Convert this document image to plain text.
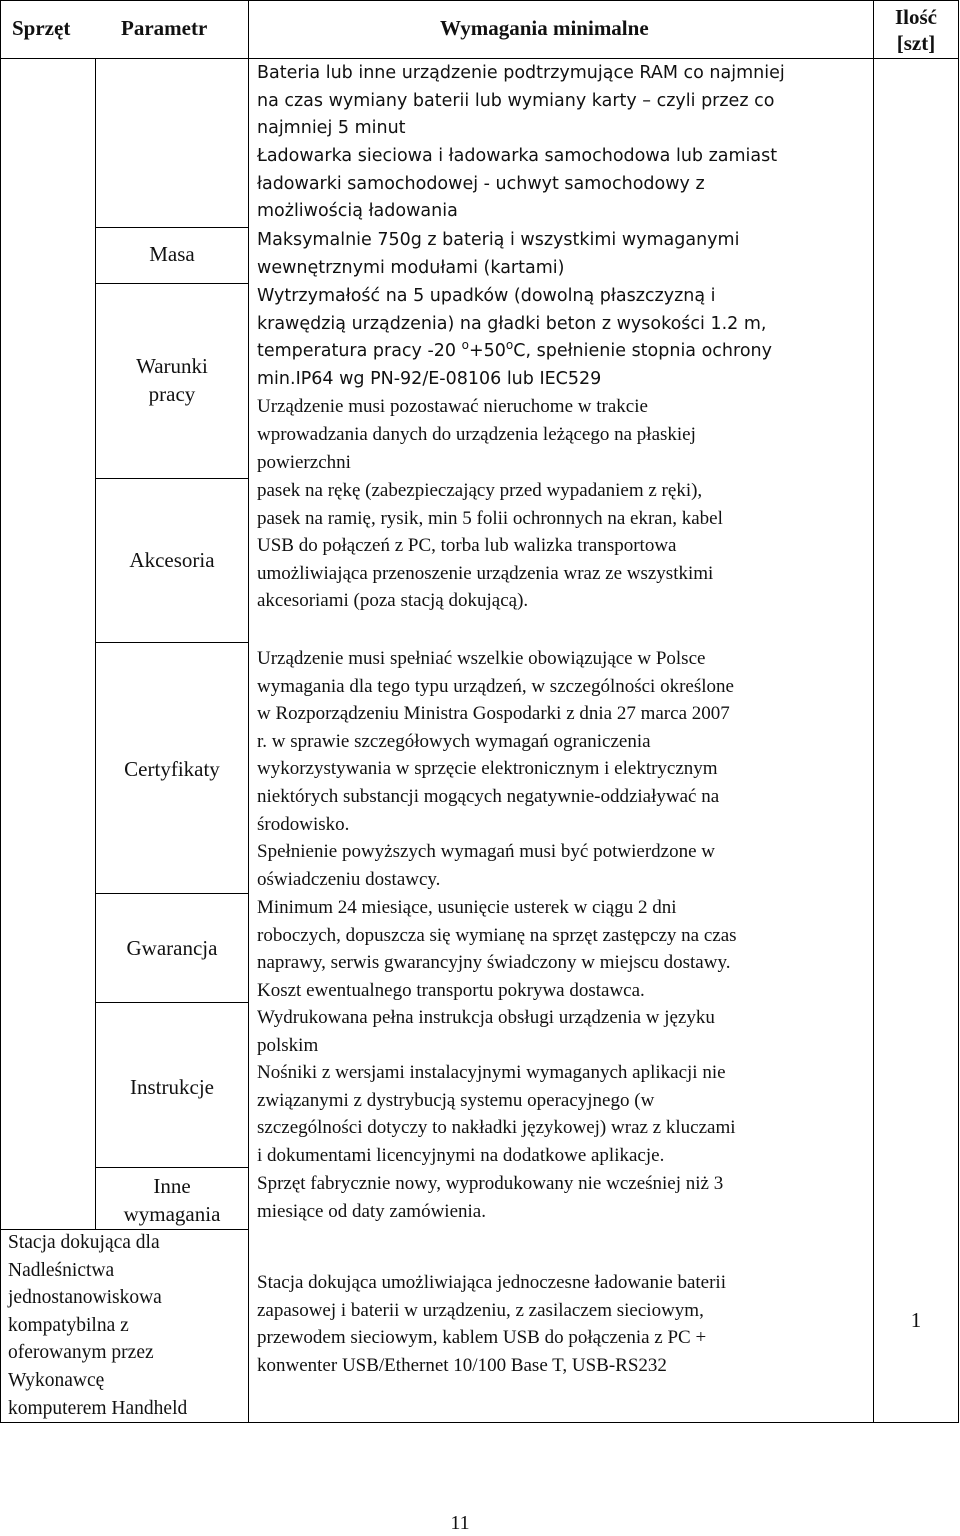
Sprzęt Parametr	Wymagania minimalne	Ilość
[szt]
Masa
Warunki
pracy
Akcesoria
Certyfikaty
Gwarancja
Instrukcje
Inne
wymagania
Bateria lub inne urządzenie podtrzymujące RAM co najmniej
na czas wymiany baterii lub wymiany karty – czyli przez co
najmniej 5 minut
Ładowarka sieciowa i ładowarka samochodowa lub zamiast
ładowarki samochodowej - uchwyt samochodowy z
możliwością ładowania
Maksymalnie 750g z baterią i wszystkimi wymaganymi
wewnętrznymi modułami (kartami)
Wytrzymałość na 5 upadków (dowolną płaszczyzną i
krawędzią urządzenia) na gładki beton z wysokości 1.2 m,
temperatura pracy -20 $^o+50^oC$, spełnienie stopnia ochrony
min.IP64 wg PN-92/E-08106 lub IEC529
Urządzenie musi pozostawać nieruchome w trakcie
wprowadzania danych do urządzenia leżącego na płaskiej
powierzchni
pasek na rękę (zabezpieczający przed wypadaniem z ręki),
pasek na ramię, rysik, min 5 folii ochronnych na ekran, kabel
USB do połączeń z PC, torba lub walizka transportowa
umożliwiająca przenoszenie urządzenia wraz ze wszystkimi
akcesoriami (poza stacją dokującą).
Urządzenie musi spełniać wszelkie obowiązujące w Polsce
wymagania dla tego typu urządzeń, w szczególności określone
w Rozporządzeniu Ministra Gospodarki z dnia 27 marca 2007
r. w sprawie szczegółowych wymagań ograniczenia
wykorzystywania w sprzęcie elektronicznym i elektrycznym
niektórych substancji mogących negatywnie-oddziaływać na
środowisko.
Spełnienie powyższych wymagań musi być potwierdzone w
oświadczeniu dostawcy.
Minimum 24 miesiące, usunięcie usterek w ciągu 2 dni
roboczych, dopuszcza się wymianę na sprzęt zastępczy na czas
naprawy, serwis gwarancyjny świadczony w miejscu dostawy.
Koszt ewentualnego transportu pokrywa dostawca.
Wydrukowana pełna instrukcja obsługi urządzenia w języku
polskim
Nośniki z wersjami instalacyjnymi wymaganych aplikacji nie
związanymi z dystrybucją systemu operacyjnego (w
szczególności dotyczy to nakładki językowej) wraz z kluczami
i dokumentami licencyjnymi na dodatkowe aplikacje.
Sprzęt fabrycznie nowy, wyprodukowany nie wcześniej niż 3
miesiące od daty zamówienia.
Stacja dokująca dla
Nadleśnictwa
jednostanowiskowa
kompatybilna z
oferowanym przez
Wykonawcę
komputerem Handheld
Stacja dokująca umożliwiająca jednoczesne ładowanie baterii
zapasowej i baterii w urządzeniu, z zasilaczem sieciowym,
przewodem sieciowym, kablem USB do połączenia z PC +
konwenter USB/Ethernet 10/100 Base T, USB-RS232
1
11
